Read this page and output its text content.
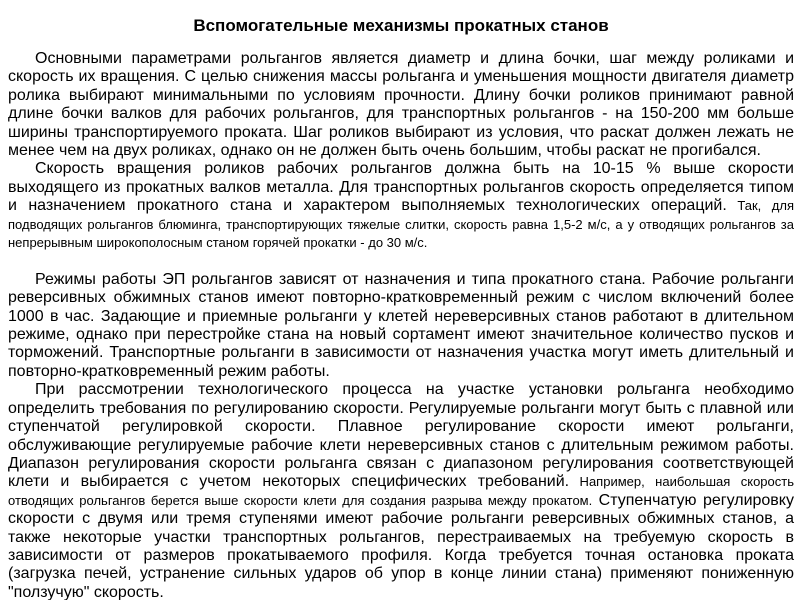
Вспомогательные механизмы прокатных станов

Основными параметрами рольгангов является диаметр и длина бочки, шаг между роликами и скорость их вращения. С целью снижения массы рольганга и уменьшения мощности двигателя диаметр ролика выбирают минимальными по условиям прочности. Длину бочки роликов принимают равной длине бочки валков для рабочих рольгангов, для транспортных рольгангов - на 150-200 мм больше ширины транспортируемого проката. Шаг роликов выбирают из условия, что раскат должен лежать не менее чем на двух роликах, однако он не должен быть очень большим, чтобы раскат не прогибался.

Скорость вращения роликов рабочих рольгангов должна быть на 10-15 % выше скорости выходящего из прокатных валков металла. Для транспортных рольгангов скорость определяется типом и назначением прокатного стана и характером выполняемых технологических операций. Так, для подводящих рольгангов блюминга, транспортирующих тяжелые слитки, скорость равна 1,5-2 м/с, а у отводящих рольгангов за непрерывным широкополосным станом горячей прокатки - до 30 м/с.

Режимы работы ЭП рольгангов зависят от назначения и типа прокатного стана. Рабочие рольганги реверсивных обжимных станов имеют повторно-кратковременный режим с числом включений более 1000 в час. Задающие и приемные рольганги у клетей нереверсивных станов работают в длительном режиме, однако при перестройке стана на новый сортамент имеют значительное количество пусков и торможений. Транспортные рольганги в зависимости от назначения участка могут иметь длительный и повторно-кратковременный режим работы.

При рассмотрении технологического процесса на участке установки рольганга необходимо определить требования по регулированию скорости. Регулируемые рольганги могут быть с плавной или ступенчатой регулировкой скорости. Плавное регулирование скорости имеют рольганги, обслуживающие регулируемые рабочие клети нереверсивных станов с длительным режимом работы. Диапазон регулирования скорости рольганга связан с диапазоном регулирования соответствующей клети и выбирается с учетом некоторых специфических требований. Например, наибольшая скорость отводящих рольгангов берется выше скорости клети для создания разрыва между прокатом. Ступенчатую регулировку скорости с двумя или тремя ступенями имеют рабочие рольганги реверсивных обжимных станов, а также некоторые участки транспортных рольгангов, перестраиваемых на требуемую скорость в зависимости от размеров прокатываемого профиля. Когда требуется точная остановка проката (загрузка печей, устранение сильных ударов об упор в конце линии стана) применяют пониженную "ползучую" скорость.
